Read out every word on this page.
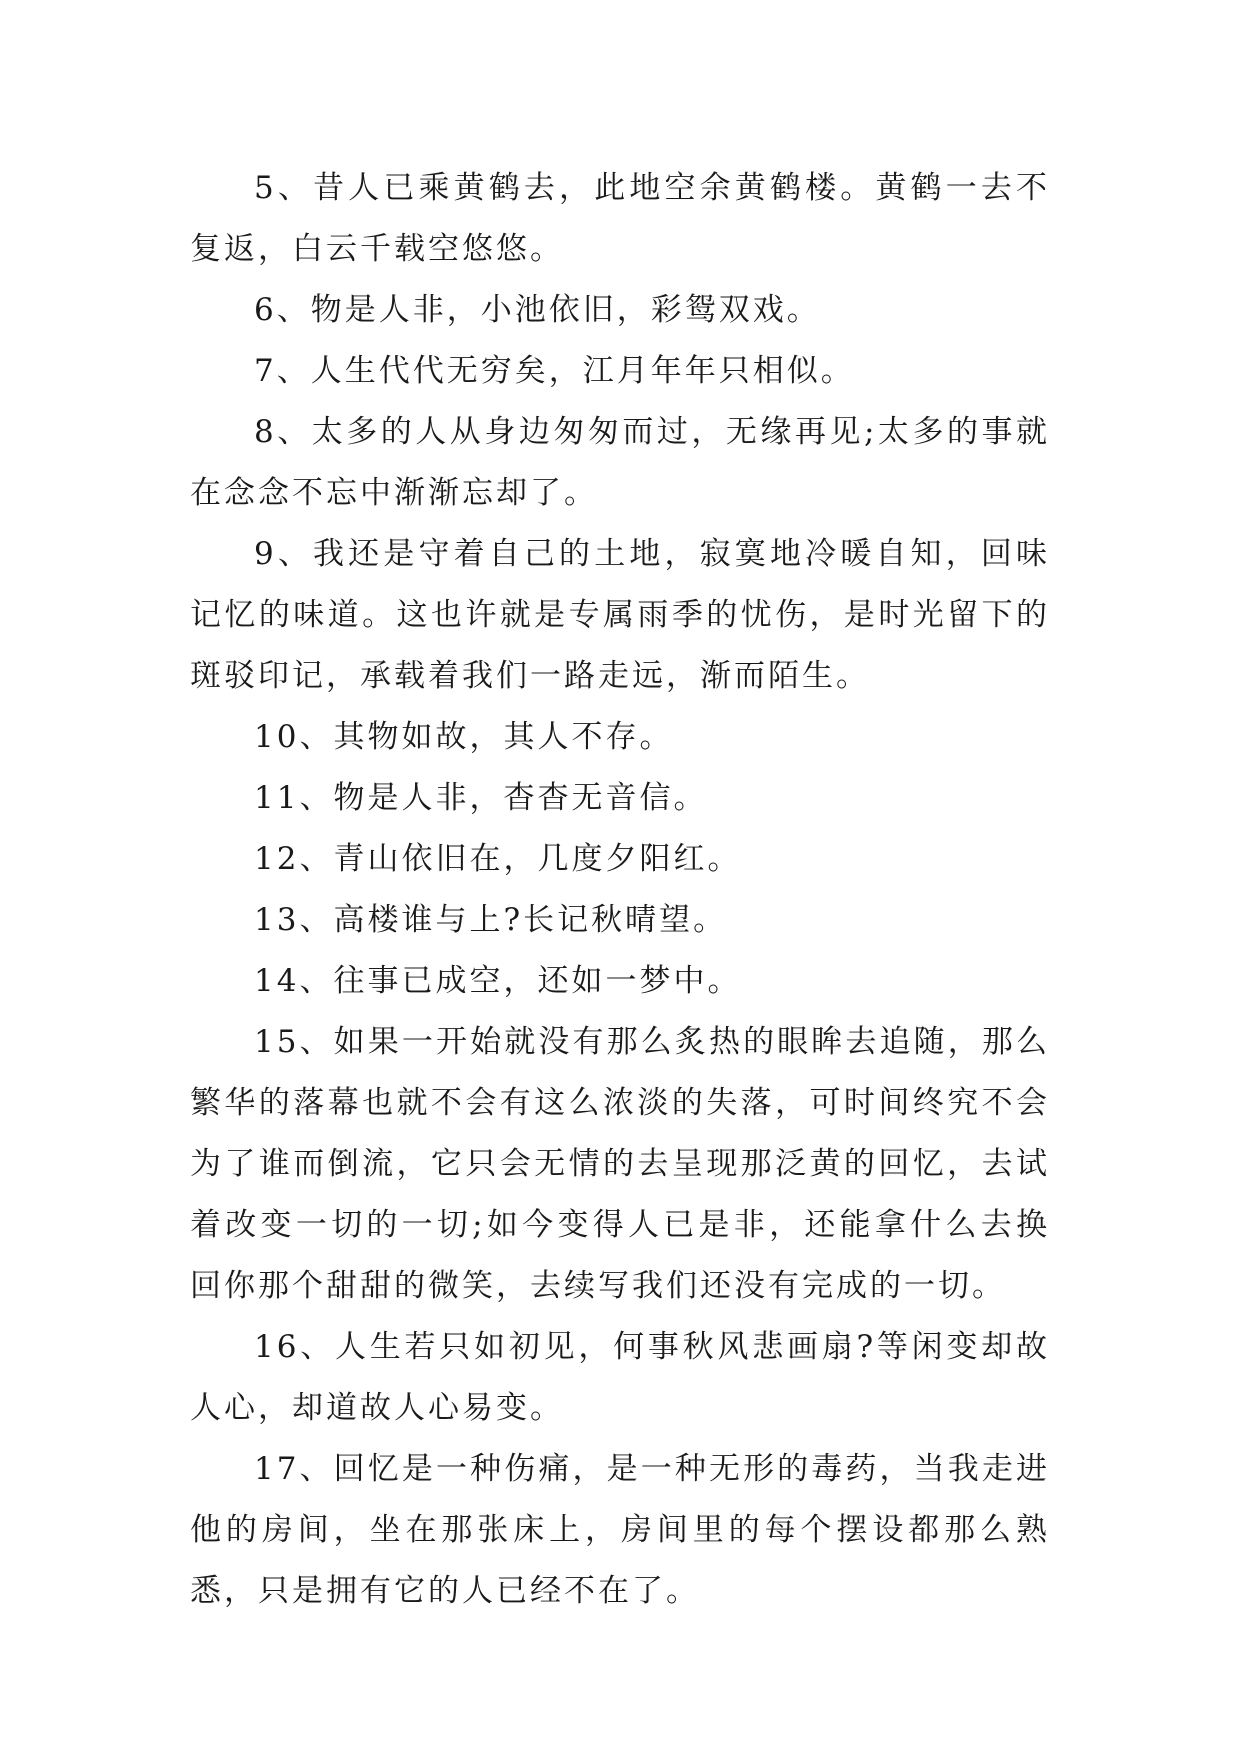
5、昔人已乘黄鹤去，此地空余黄鹤楼。黄鹤一去不复返，白云千载空悠悠。

6、物是人非，小池依旧，彩鸳双戏。

7、人生代代无穷矣，江月年年只相似。

8、太多的人从身边匆匆而过，无缘再见;太多的事就在念念不忘中渐渐忘却了。

9、我还是守着自己的土地，寂寞地冷暖自知，回味记忆的味道。这也许就是专属雨季的忧伤，是时光留下的斑驳印记，承载着我们一路走远，渐而陌生。

10、其物如故，其人不存。

11、物是人非，杳杳无音信。

12、青山依旧在，几度夕阳红。

13、高楼谁与上?长记秋晴望。

14、往事已成空，还如一梦中。

15、如果一开始就没有那么炙热的眼眸去追随，那么繁华的落幕也就不会有这么浓淡的失落，可时间终究不会为了谁而倒流，它只会无情的去呈现那泛黄的回忆，去试着改变一切的一切;如今变得人已是非，还能拿什么去换回你那个甜甜的微笑，去续写我们还没有完成的一切。

16、人生若只如初见，何事秋风悲画扇?等闲变却故人心，却道故人心易变。

17、回忆是一种伤痛，是一种无形的毒药，当我走进他的房间，坐在那张床上，房间里的每个摆设都那么熟悉，只是拥有它的人已经不在了。
